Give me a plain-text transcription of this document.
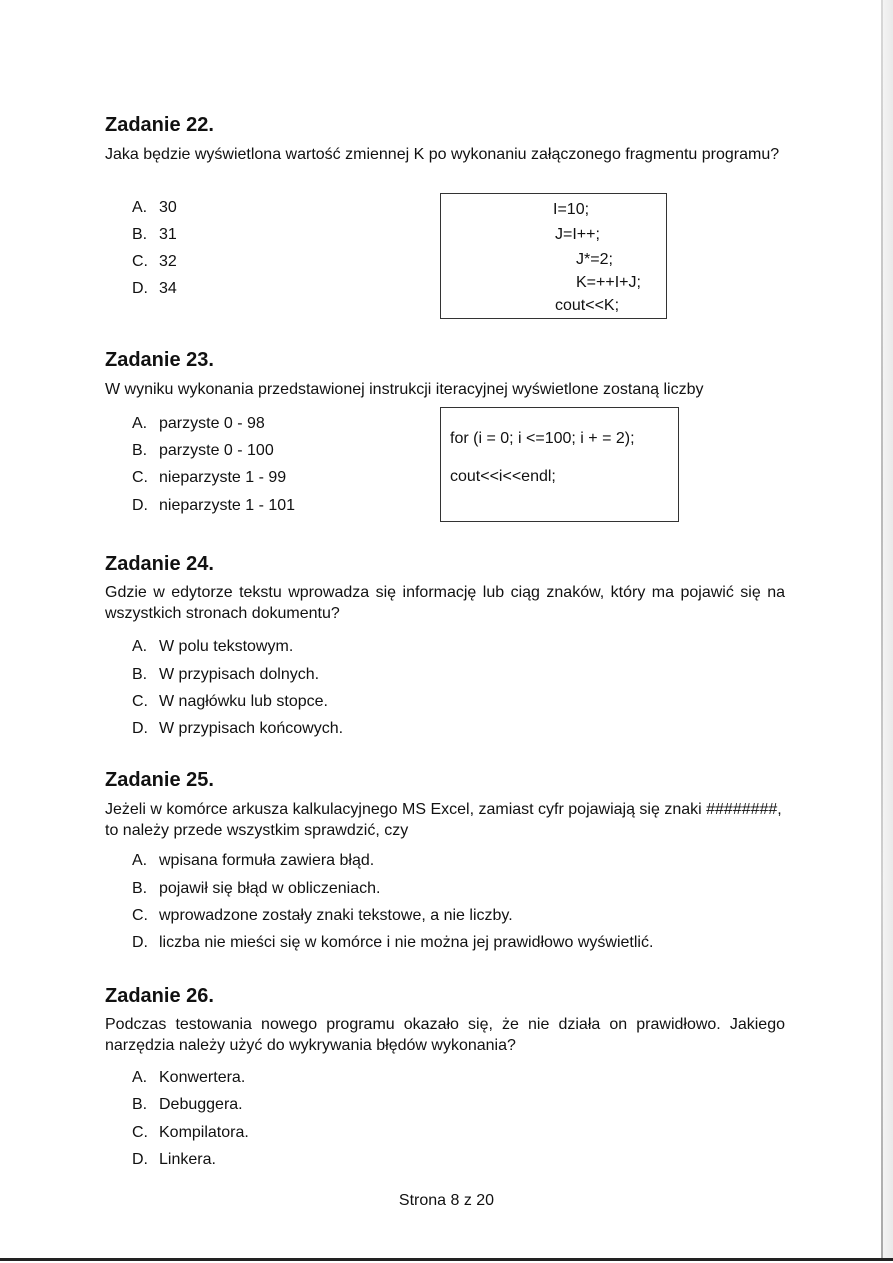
Zadanie 22.
Jaka będzie wyświetlona wartość zmiennej K po wykonaniu załączonego fragmentu programu?
A. 30
B. 31
C. 32
D. 34
I=10;
J=I++;
J*=2;
K=++I+J;
cout<<K;
Zadanie 23.
W wyniku wykonania przedstawionej instrukcji iteracyjnej wyświetlone zostaną liczby
A. parzyste 0 - 98
B. parzyste 0 - 100
C. nieparzyste 1 - 99
D. nieparzyste 1 - 101
for (i = 0; i <=100; i + = 2);
cout<<i<<endl;
Zadanie 24.
Gdzie w edytorze tekstu wprowadza się informację lub ciąg znaków, który ma pojawić się na wszystkich stronach dokumentu?
A. W polu tekstowym.
B. W przypisach dolnych.
C. W nagłówku lub stopce.
D. W przypisach końcowych.
Zadanie 25.
Jeżeli w komórce arkusza kalkulacyjnego MS Excel, zamiast cyfr pojawiają się znaki ########, to należy przede wszystkim sprawdzić, czy
A. wpisana formuła zawiera błąd.
B. pojawił się błąd w obliczeniach.
C. wprowadzone zostały znaki tekstowe, a nie liczby.
D. liczba nie mieści się w komórce i nie można jej prawidłowo wyświetlić.
Zadanie 26.
Podczas testowania nowego programu okazało się, że nie działa on prawidłowo. Jakiego narzędzia należy użyć do wykrywania błędów wykonania?
A. Konwertera.
B. Debuggera.
C. Kompilatora.
D. Linkera.
Strona 8 z 20
